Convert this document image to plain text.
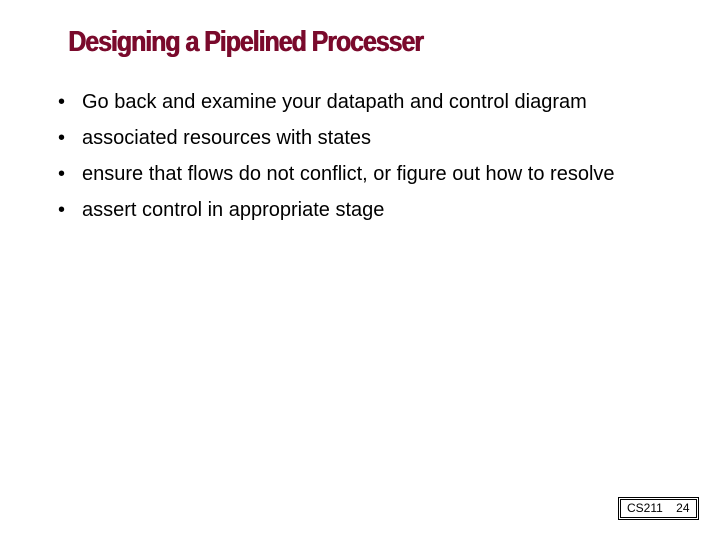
Designing a Pipelined Processer
• Go back and examine your datapath and control diagram
• associated resources with states
• ensure that flows do not conflict, or figure out how to resolve
• assert control in appropriate stage
CS211 24
